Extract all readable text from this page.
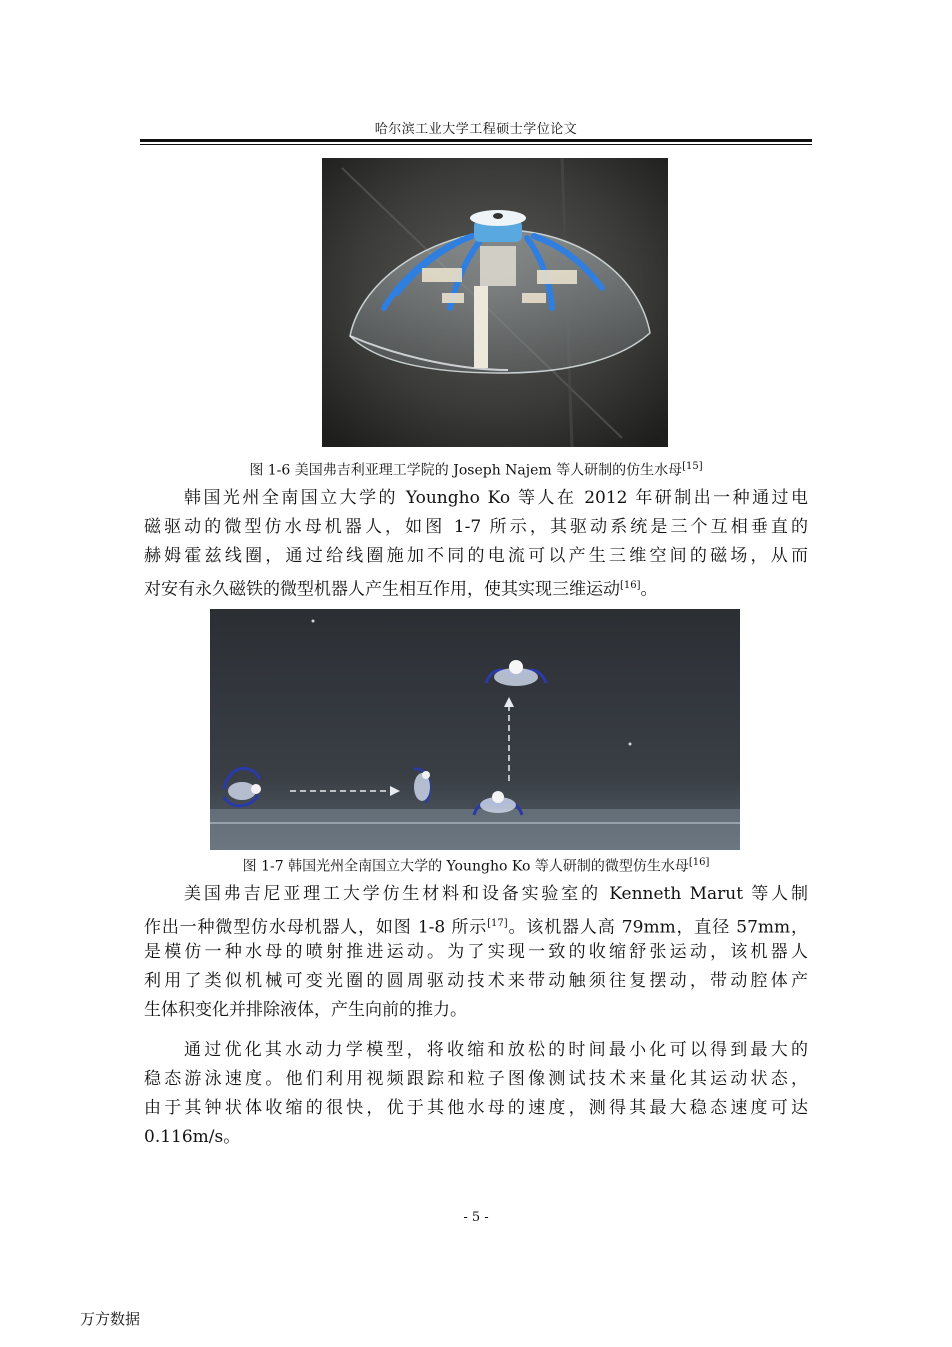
哈尔滨工业大学工程硕士学位论文
图 1-6 美国弗吉利亚理工学院的 Joseph Najem 等人研制的仿生水母[15]
韩国光州全南国立大学的 Youngho Ko 等人在 2012 年研制出一种通过电
磁驱动的微型仿水母机器人，如图 1-7 所示，其驱动系统是三个互相垂直的
赫姆霍兹线圈，通过给线圈施加不同的电流可以产生三维空间的磁场，从而
对安有永久磁铁的微型机器人产生相互作用，使其实现三维运动[16]。
图 1-7 韩国光州全南国立大学的 Youngho Ko 等人研制的微型仿生水母[16]
美国弗吉尼亚理工大学仿生材料和设备实验室的 Kenneth Marut 等人制
作出一种微型仿水母机器人，如图 1-8 所示[17]。该机器人高 79mm，直径 57mm，
是模仿一种水母的喷射推进运动。为了实现一致的收缩舒张运动，该机器人
利用了类似机械可变光圈的圆周驱动技术来带动触须往复摆动，带动腔体产
生体积变化并排除液体，产生向前的推力。
通过优化其水动力学模型，将收缩和放松的时间最小化可以得到最大的
稳态游泳速度。他们利用视频跟踪和粒子图像测试技术来量化其运动状态，
由于其钟状体收缩的很快，优于其他水母的速度，测得其最大稳态速度可达
0.116m/s。
- 5 -
万方数据
